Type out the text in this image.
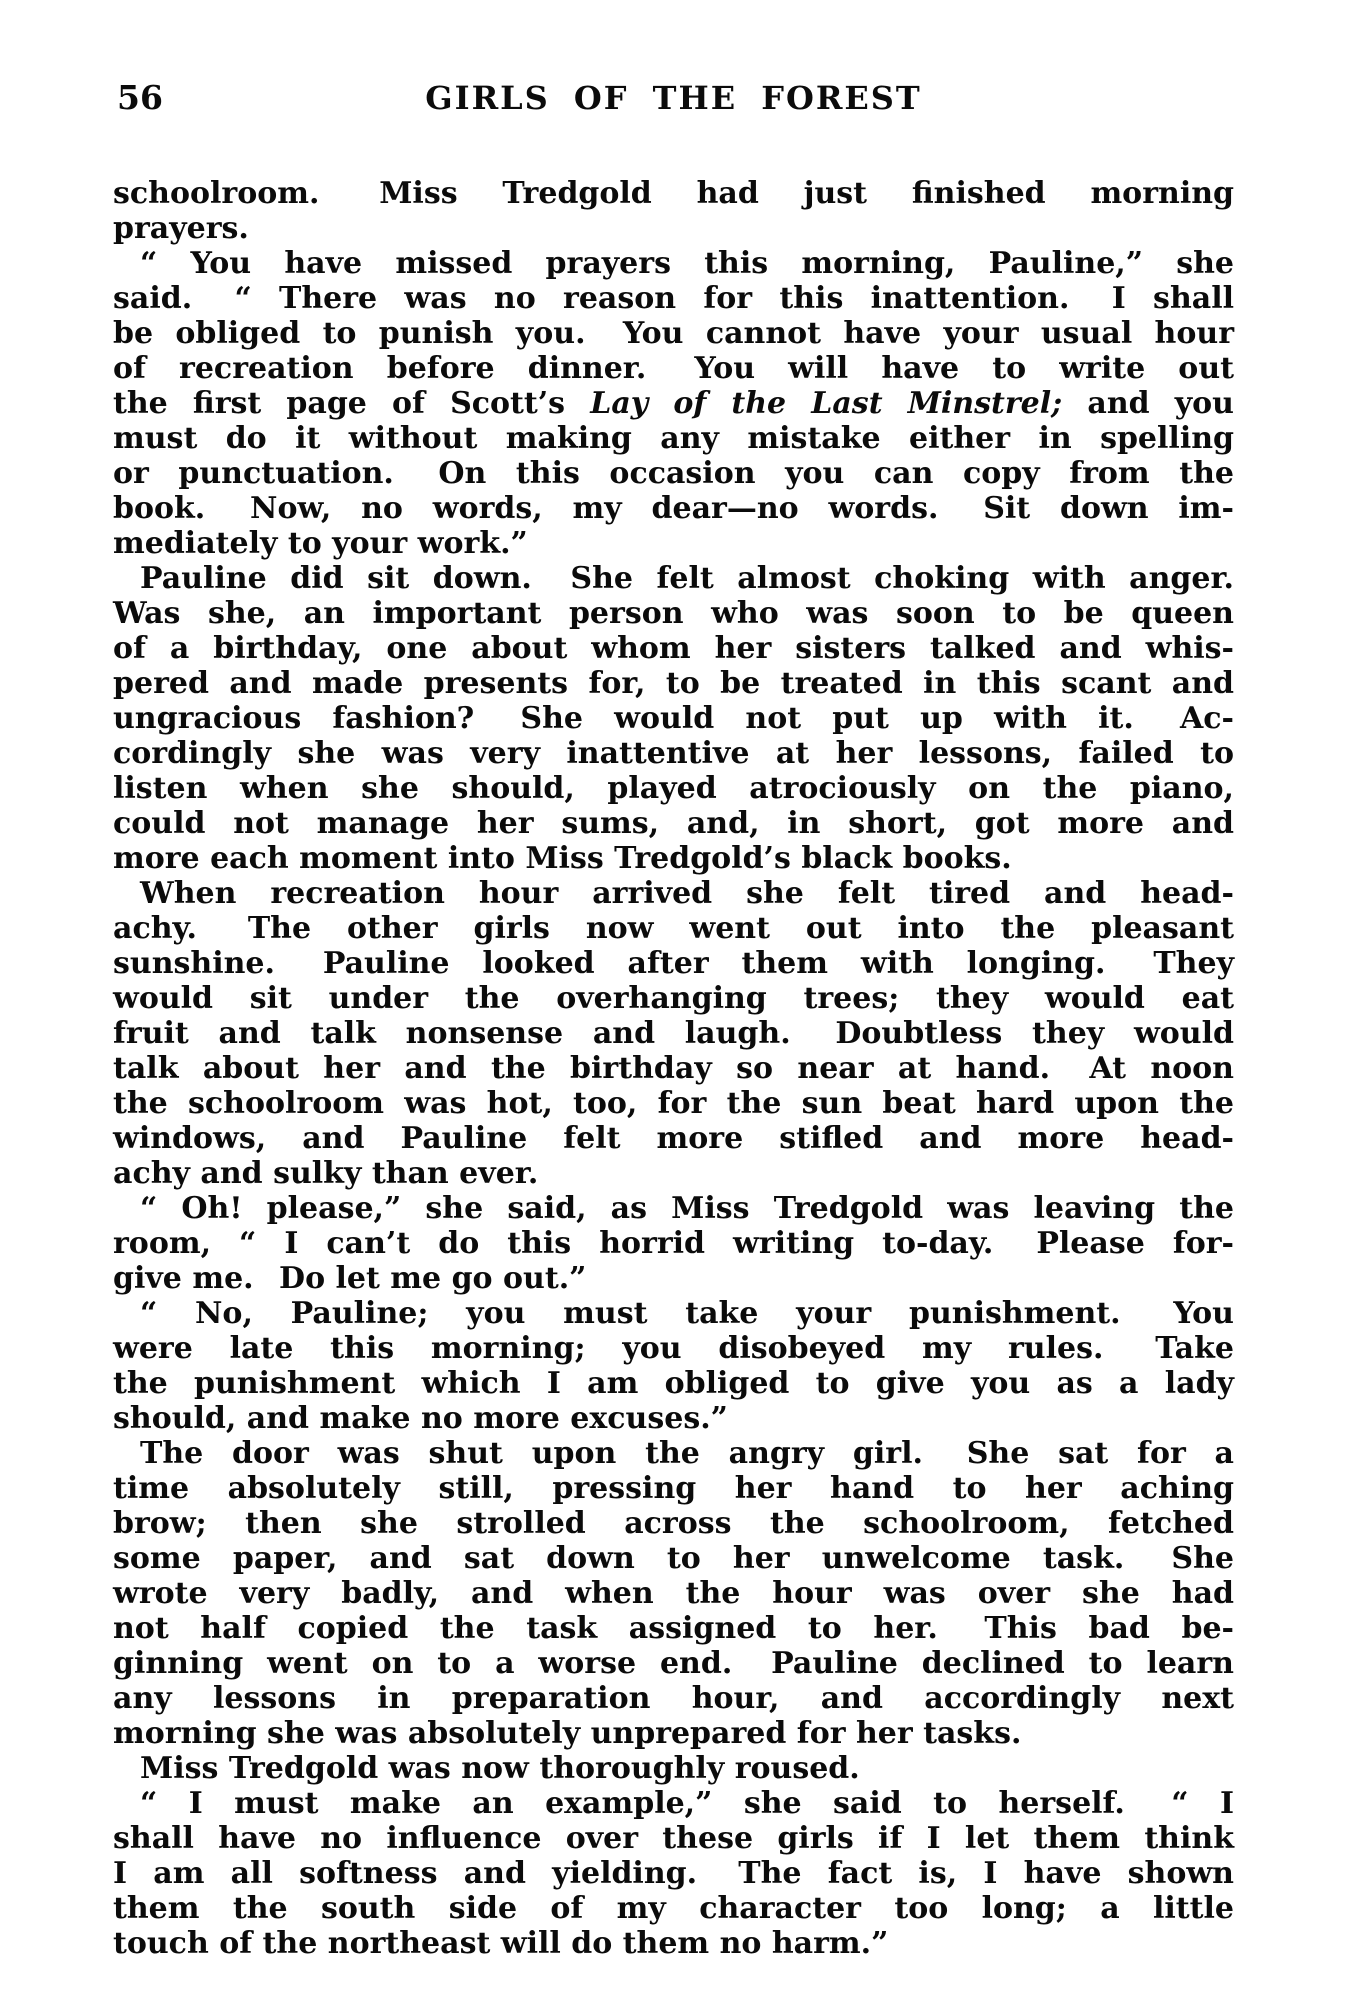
56	GIRLS OF THE FOREST
schoolroom.  Miss Tredgold had just finished morning
prayers.
“ You have missed prayers this morning, Pauline,” she
said.  “ There was no reason for this inattention.  I shall
be obliged to punish you.  You cannot have your usual hour
of recreation before dinner.  You will have to write out
the first page of Scott’s Lay of the Last Minstrel; and you
must do it without making any mistake either in spelling
or punctuation.  On this occasion you can copy from the
book.  Now, no words, my dear—no words.  Sit down im-
mediately to your work.”
Pauline did sit down.  She felt almost choking with anger.
Was she, an important person who was soon to be queen
of a birthday, one about whom her sisters talked and whis-
pered and made presents for, to be treated in this scant and
ungracious fashion?  She would not put up with it.  Ac-
cordingly she was very inattentive at her lessons, failed to
listen when she should, played atrociously on the piano,
could not manage her sums, and, in short, got more and
more each moment into Miss Tredgold’s black books.
When recreation hour arrived she felt tired and head-
achy.  The other girls now went out into the pleasant
sunshine.  Pauline looked after them with longing.  They
would sit under the overhanging trees; they would eat
fruit and talk nonsense and laugh.  Doubtless they would
talk about her and the birthday so near at hand.  At noon
the schoolroom was hot, too, for the sun beat hard upon the
windows, and Pauline felt more stifled and more head-
achy and sulky than ever.
“ Oh! please,” she said, as Miss Tredgold was leaving the
room, “ I can’t do this horrid writing to-day.  Please for-
give me.  Do let me go out.”
“ No, Pauline; you must take your punishment.  You
were late this morning; you disobeyed my rules.  Take
the punishment which I am obliged to give you as a lady
should, and make no more excuses.”
The door was shut upon the angry girl.  She sat for a
time absolutely still, pressing her hand to her aching
brow; then she strolled across the schoolroom, fetched
some paper, and sat down to her unwelcome task.  She
wrote very badly, and when the hour was over she had
not half copied the task assigned to her.  This bad be-
ginning went on to a worse end.  Pauline declined to learn
any lessons in preparation hour, and accordingly next
morning she was absolutely unprepared for her tasks.
Miss Tredgold was now thoroughly roused.
“ I must make an example,” she said to herself.  “ I
shall have no influence over these girls if I let them think
I am all softness and yielding.  The fact is, I have shown
them the south side of my character too long; a little
touch of the northeast will do them no harm.”
